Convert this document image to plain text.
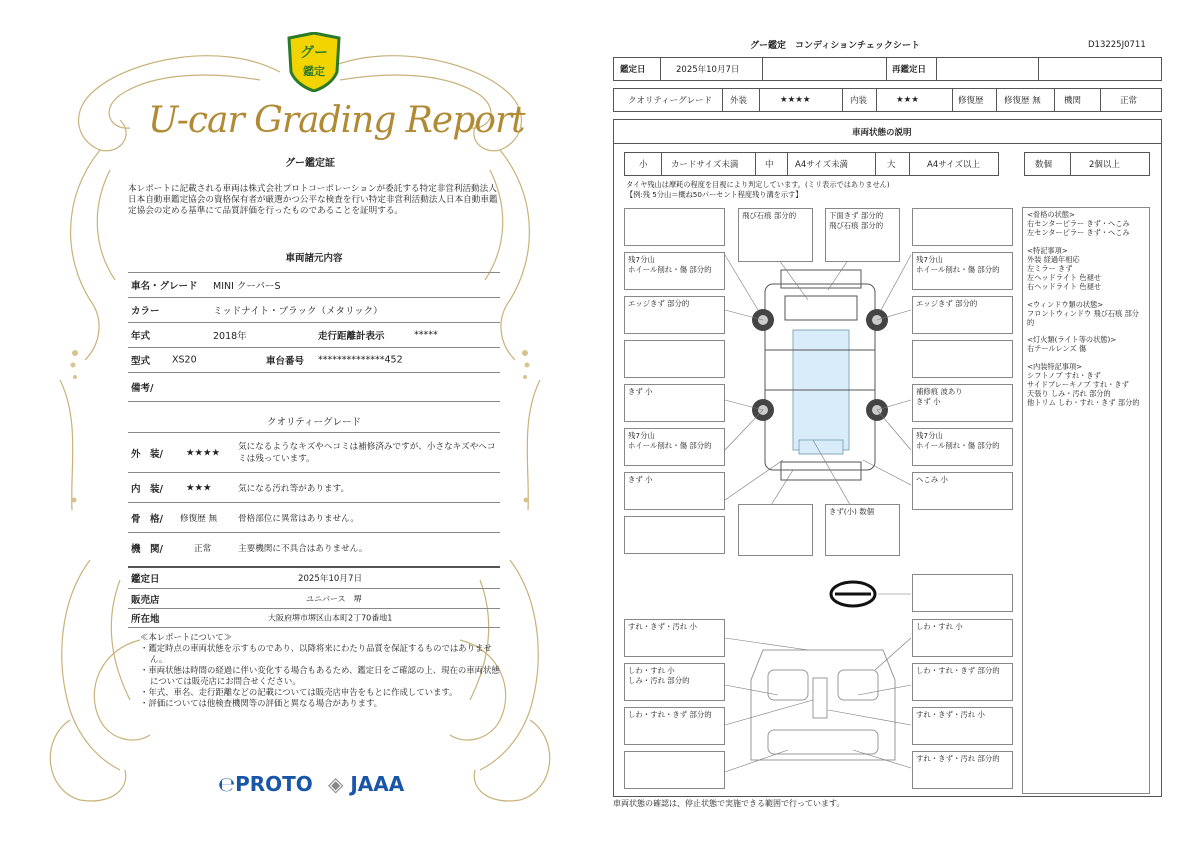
グー
鑑定
U-car Grading Report
グー鑑定証
本レポートに記載される車両は株式会社プロトコーポレーションが委託する特定非営利活動法人日本自動車鑑定協会の資格保有者が厳選かつ公平な検査を行い特定非営利活動法人日本自動車鑑定協会の定める基準にて品質評価を行ったものであることを証明する。
車両諸元内容
車名・グレード MINI クーパーS
カラー	ミッドナイト・ブラック（メタリック）
年式	2018年	走行距離計表示	*****
型式 XS20	車台番号 **************452
備考/
クオリティーグレード
外　装/ ★★★★
気になるようなキズやヘコミは補修済みですが、小さなキズやヘコミは残っています。
内　装/ ★★★	気になる汚れ等があります。
骨　格/ 修復歴 無 骨格部位に異常はありません。
機　関/	正常	主要機関に不具合はありません。
鑑定日	2025年10月7日
販売店	ユニバース　堺
所在地	大阪府堺市堺区山本町2丁70番地1
≪本レポートについて≫
・鑑定時点の車両状態を示すものであり、以降将来にわたり品質を保証するものではありません。
・車両状態は時間の経過に伴い変化する場合もあるため、鑑定日をご確認の上、現在の車両状態については販売店にお問合せください。
・年式、車名、走行距離などの記載については販売店申告をもとに作成しています。
・評価については他検査機関等の評価と異なる場合があります。
℮PROTO ◈ JAAA
グー鑑定　コンディションチェックシート	D13225J0711
鑑定日	2025年10月7日	再鑑定日
クオリティーグレード 外装	★★★★	内装	★★★	修復歴 修復歴 無	機関	正常
車両状態の説明
小	カードサイズ未満	中	A4サイズ未満	大	A4サイズ以上	数個	2個以上
タイヤ残山は摩耗の程度を目視により判定しています。(ミリ表示ではありません)
【例:残 5分山＝概ね50パーセント程度残り溝を示す】
飛び石痕 部分的	下面きず 部分的
飛び石痕 部分的
残7分山
ホイール削れ・傷 部分的
残7分山
ホイール削れ・傷 部分的
エッジきず 部分的	エッジきず 部分的
きず 小	補修痕 波あり
きず 小
残7分山
ホイール削れ・傷 部分的
残7分山
ホイール削れ・傷 部分的
きず 小	へこみ 小
きず(小) 数個
すれ・きず・汚れ 小	しわ・すれ 小
しわ・すれ 小
しみ・汚れ 部分的
しわ・すれ・きず 部分的
しわ・すれ・きず 部分的	すれ・きず・汚れ 小
すれ・きず・汚れ 部分的

<骨格の状態>
右センターピラー きず・へこみ
左センターピラー きず・へこみ

<特記事項>
外装 経過年相応
左ミラー きず
左ヘッドライト 色褪せ
右ヘッドライト 色褪せ

<ウィンドウ類の状態>
フロントウィンドウ 飛び石痕 部分的

<灯火類(ライト等の状態)>
右テールレンズ 傷

<内装特記事項>
シフトノブ すれ・きず
サイドブレーキノブ すれ・きず
天張り しみ・汚れ 部分的
他トリム しわ・すれ・きず 部分的

車両状態の確認は、停止状態で実施できる範囲で行っています。
